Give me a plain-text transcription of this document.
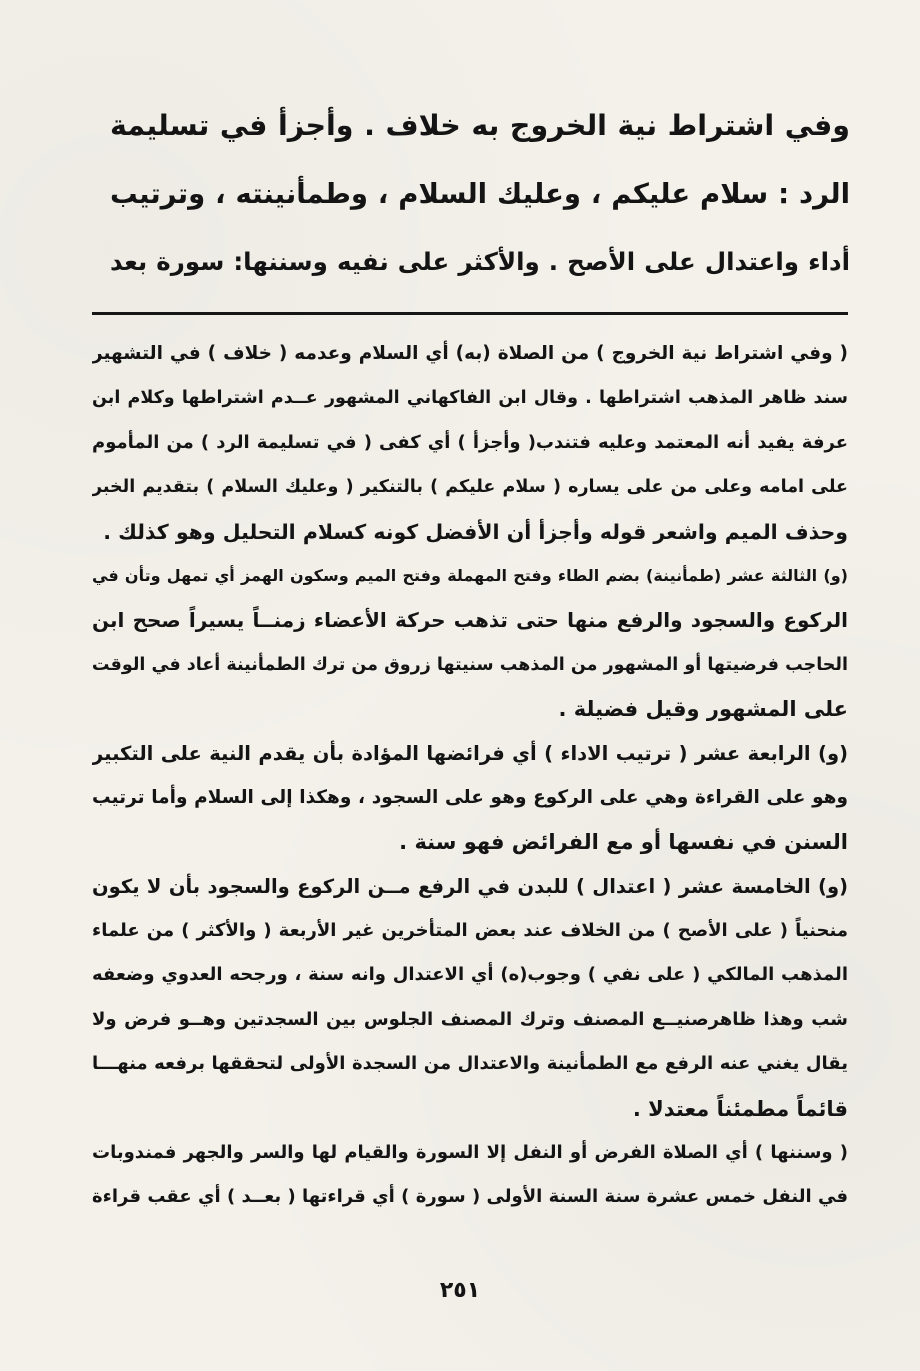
وفي اشتراط نية الخروج به خلاف . وأجزأ في تسليمة
الرد : سلام عليكم ، وعليك السلام ، وطمأنينته ، وترتيب
أداء واعتدال على الأصح . والأكثر على نفيه وسننها: سورة بعد
( وفي اشتراط نية الخروج ) من الصلاة (به) أي السلام وعدمه ( خلاف ) في التشهير
سند ظاهر المذهب اشتراطها . وقال ابن الفاكهاني المشهور عــدم اشتراطها وكلام ابن
عرفة يفيد أنه المعتمد وعليه فتندب( وأجزأ ) أي كفى ( في تسليمة الرد ) من المأموم
على امامه وعلى من على يساره ( سلام عليكم ) بالتنكير ( وعليك السلام ) بتقديم الخبر
وحذف الميم واشعر قوله وأجزأ أن الأفضل كونه كسلام التحليل وهو كذلك .
(و) الثالثة عشر (طمأنينة) بضم الطاء وفتح المهملة وفتح الميم وسكون الهمز أي تمهل وتأن في
الركوع والسجود والرفع منها حتى تذهب حركة الأعضاء زمنــاً يسيراً صحح ابن
الحاجب فرضيتها أو المشهور من المذهب سنيتها زروق من ترك الطمأنينة أعاد في الوقت
على المشهور وقيل فضيلة .
(و) الرابعة عشر ( ترتيب الاداء ) أي فرائضها المؤادة بأن يقدم النية على التكبير
وهو على القراءة وهي على الركوع وهو على السجود ، وهكذا إلى السلام وأما ترتيب
السنن في نفسها أو مع الفرائض فهو سنة .
(و) الخامسة عشر ( اعتدال ) للبدن في الرفع مــن الركوع والسجود بأن لا يكون
منحنياً ( على الأصح ) من الخلاف عند بعض المتأخرين غير الأربعة ( والأكثر ) من علماء
المذهب المالكي ( على نفي ) وجوب(ه) أي الاعتدال وانه سنة ، ورجحه العدوي وضعفه
شب وهذا ظاهرصنيــع المصنف وترك المصنف الجلوس بين السجدتين وهــو فرض ولا
يقال يغني عنه الرفع مع الطمأنينة والاعتدال من السجدة الأولى لتحققها برفعه منهـــا
قائماً مطمئناً معتدلا .
( وسننها ) أي الصلاة الفرض أو النفل إلا السورة والقيام لها والسر والجهر فمندوبات
في النفل خمس عشرة سنة السنة الأولى ( سورة ) أي قراءتها ( بعــد ) أي عقب قراءة
٢٥١
